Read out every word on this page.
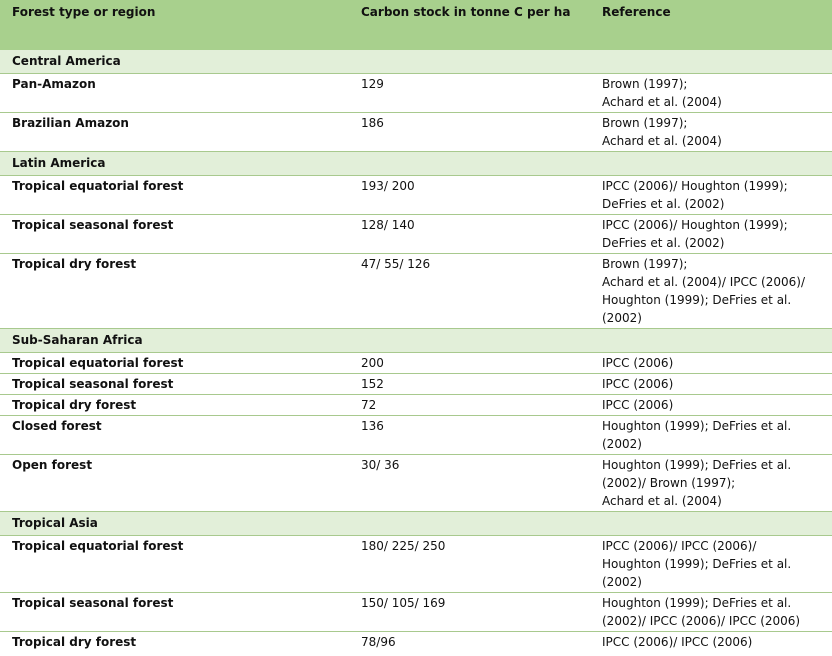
Forest type or region	Carbon stock in tonne C per ha	Reference
Central America		
Pan-Amazon	129	Brown (1997);
Achard et al. (2004)

Brazilian Amazon	186	Brown (1997);
Achard et al. (2004)

Latin America		
Tropical equatorial forest	193/ 200	IPCC (2006)/ Houghton (1999);
DeFries et al. (2002)

Tropical seasonal forest	128/ 140	IPCC (2006)/ Houghton (1999);
DeFries et al. (2002)

Tropical dry forest	47/ 55/ 126	Brown (1997);
Achard et al. (2004)/ IPCC (2006)/
Houghton (1999); DeFries et al.
(2002)

Sub-Saharan Africa		
Tropical equatorial forest	200	IPCC (2006)

Tropical seasonal forest	152	IPCC (2006)

Tropical dry forest	72	IPCC (2006)

Closed forest	136	Houghton (1999); DeFries et al.
(2002)

Open forest	30/ 36	Houghton (1999); DeFries et al.
(2002)/ Brown (1997);
Achard et al. (2004)

Tropical Asia		
Tropical equatorial forest	180/ 225/ 250	IPCC (2006)/ IPCC (2006)/
Houghton (1999); DeFries et al.
(2002)

Tropical seasonal forest	150/ 105/ 169	Houghton (1999); DeFries et al.
(2002)/ IPCC (2006)/ IPCC (2006)

Tropical dry forest	78/96	IPCC (2006)/ IPCC (2006)
